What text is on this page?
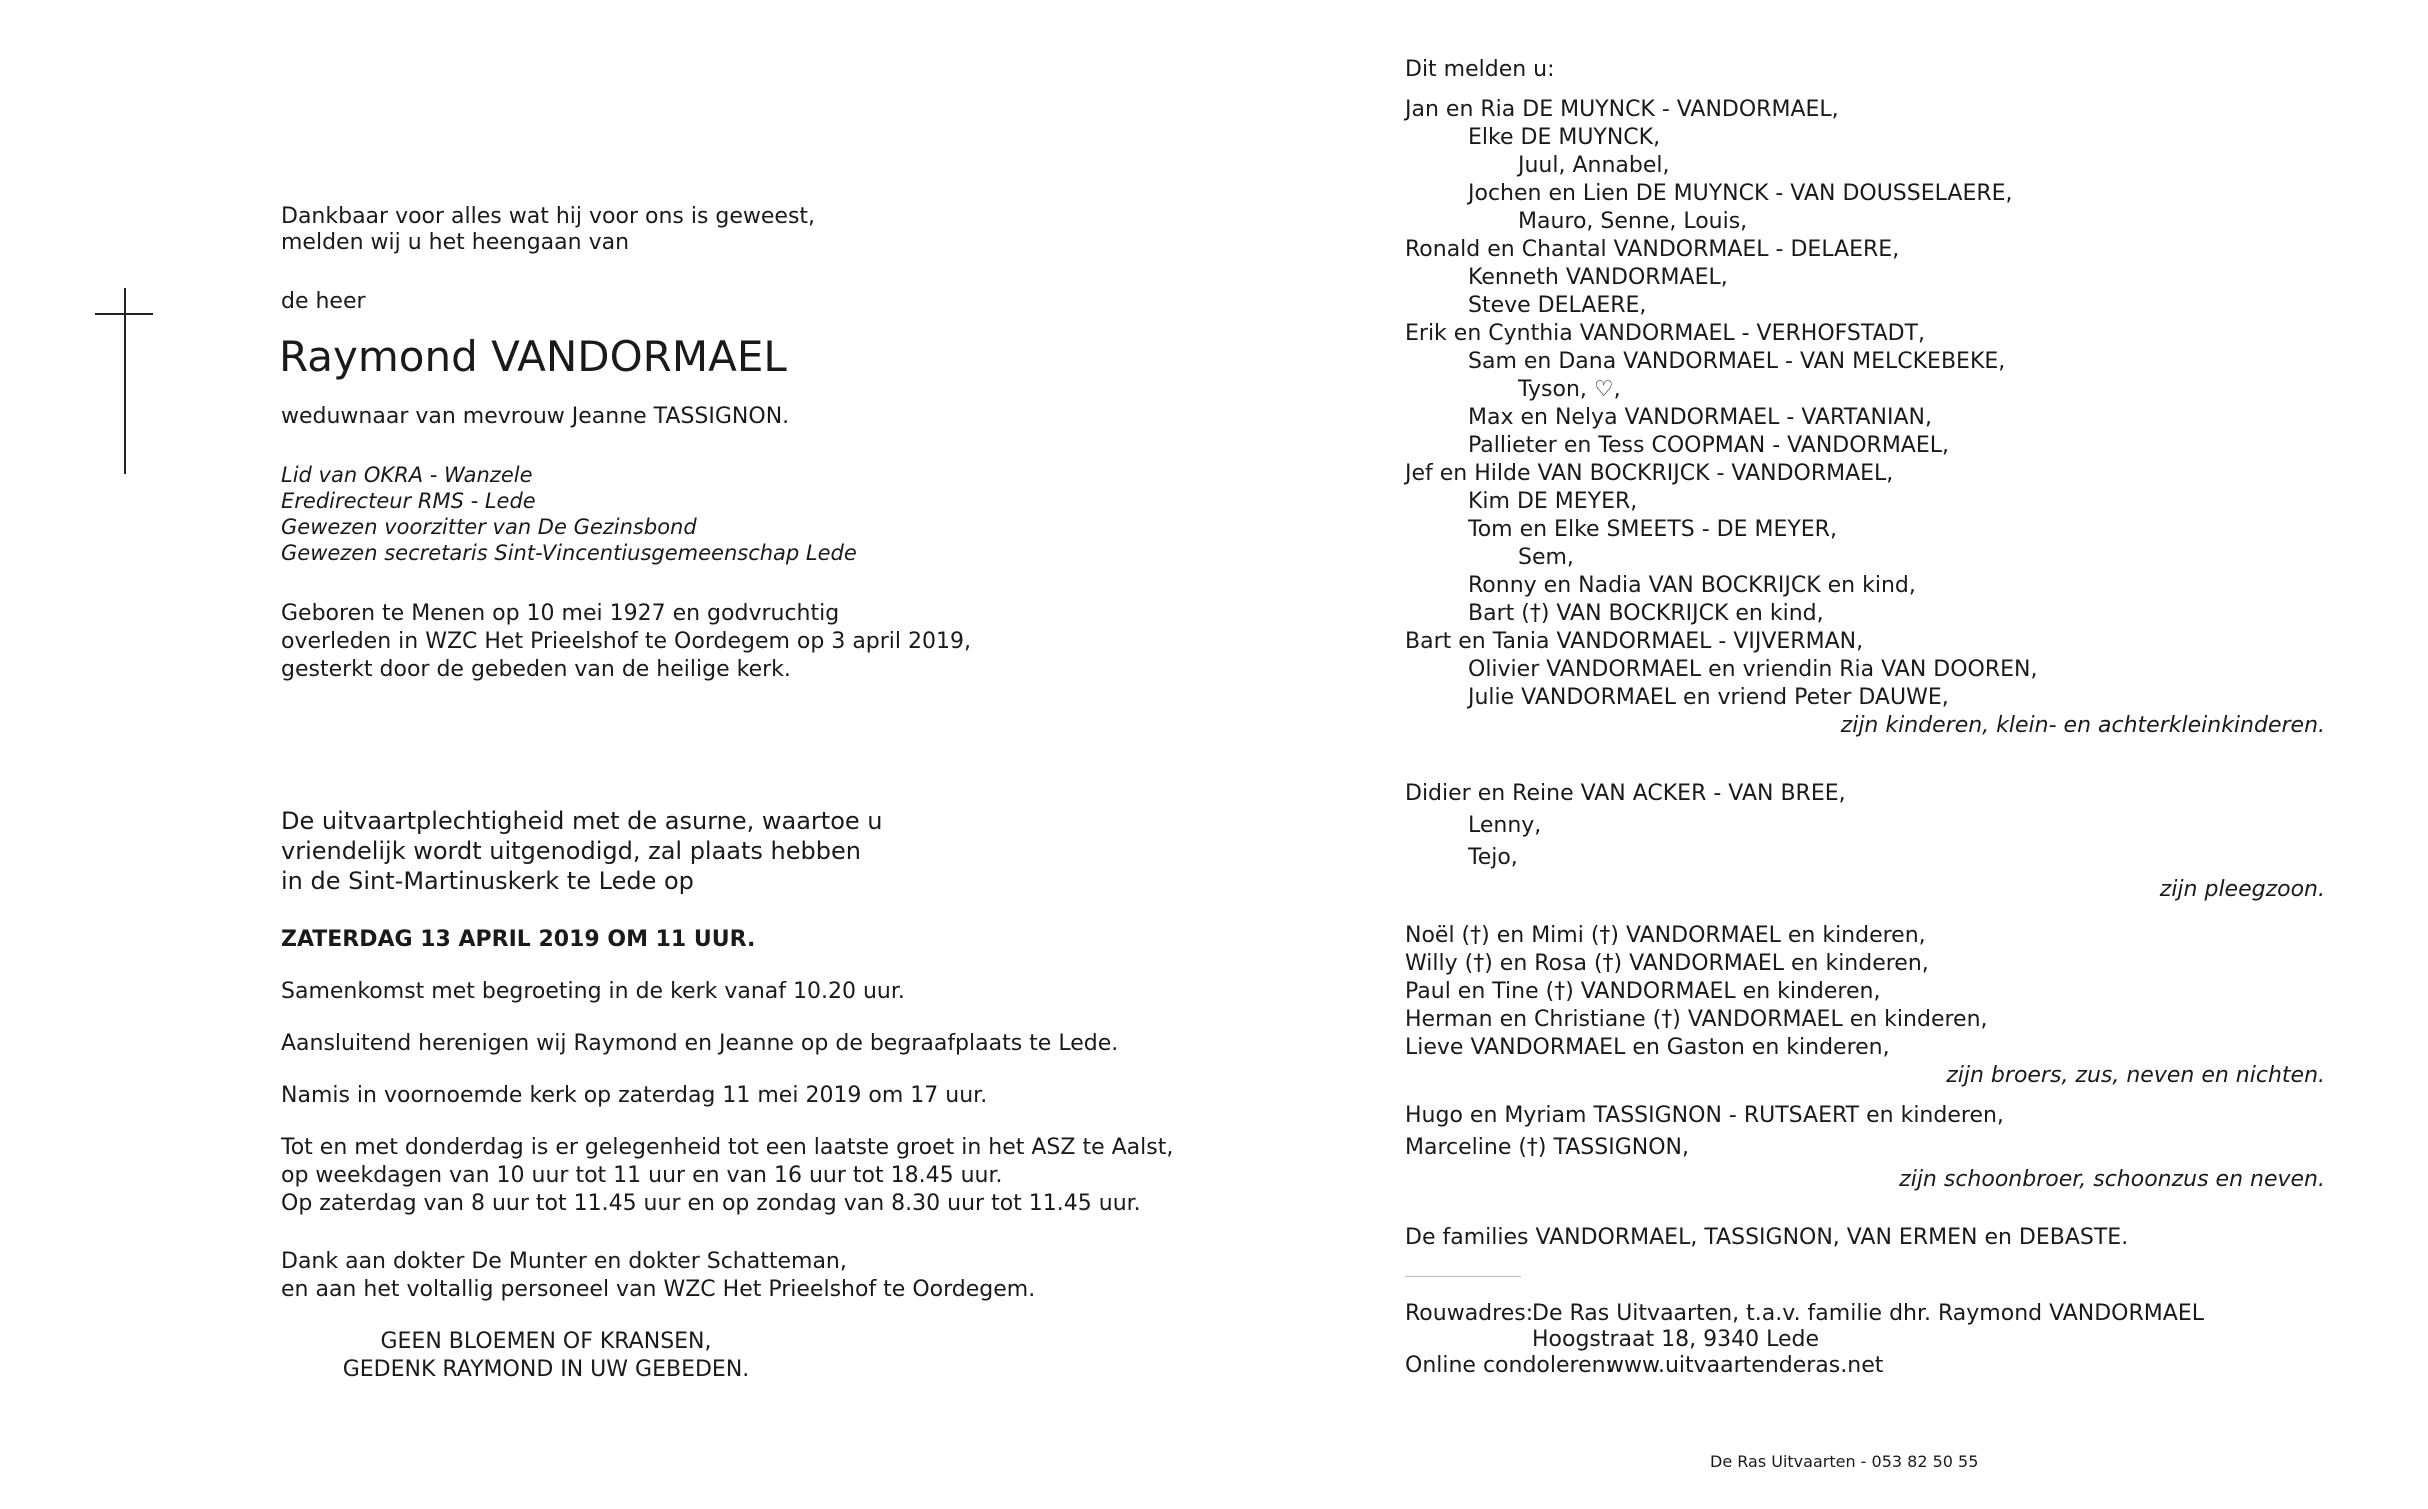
Dankbaar voor alles wat hij voor ons is geweest,
melden wij u het heengaan van
de heer
Raymond VANDORMAEL
weduwnaar van mevrouw Jeanne TASSIGNON.
Lid van OKRA - Wanzele
Eredirecteur RMS - Lede
Gewezen voorzitter van De Gezinsbond
Gewezen secretaris Sint-Vincentiusgemeenschap Lede
Geboren te Menen op 10 mei 1927 en godvruchtig
overleden in WZC Het Prieelshof te Oordegem op 3 april 2019,
gesterkt door de gebeden van de heilige kerk.
De uitvaartplechtigheid met de asurne, waartoe u
vriendelijk wordt uitgenodigd, zal plaats hebben
in de Sint-Martinuskerk te Lede op
ZATERDAG 13 APRIL 2019 OM 11 UUR.
Samenkomst met begroeting in de kerk vanaf 10.20 uur.
Aansluitend herenigen wij Raymond en Jeanne op de begraafplaats te Lede.
Namis in voornoemde kerk op zaterdag 11 mei 2019 om 17 uur.
Tot en met donderdag is er gelegenheid tot een laatste groet in het ASZ te Aalst,
op weekdagen van 10 uur tot 11 uur en van 16 uur tot 18.45 uur.
Op zaterdag van 8 uur tot 11.45 uur en op zondag van 8.30 uur tot 11.45 uur.
Dank aan dokter De Munter en dokter Schatteman,
en aan het voltallig personeel van WZC Het Prieelshof te Oordegem.
GEEN BLOEMEN OF KRANSEN,
GEDENK RAYMOND IN UW GEBEDEN.
Dit melden u:
Jan en Ria DE MUYNCK - VANDORMAEL,
Elke DE MUYNCK,
Juul, Annabel,
Jochen en Lien DE MUYNCK - VAN DOUSSELAERE,
Mauro, Senne, Louis,
Ronald en Chantal VANDORMAEL - DELAERE,
Kenneth VANDORMAEL,
Steve DELAERE,
Erik en Cynthia VANDORMAEL - VERHOFSTADT,
Sam en Dana VANDORMAEL - VAN MELCKEBEKE,
Tyson, ♡,
Max en Nelya VANDORMAEL - VARTANIAN,
Pallieter en Tess COOPMAN - VANDORMAEL,
Jef en Hilde VAN BOCKRIJCK - VANDORMAEL,
Kim DE MEYER,
Tom en Elke SMEETS - DE MEYER,
Sem,
Ronny en Nadia VAN BOCKRIJCK en kind,
Bart (†) VAN BOCKRIJCK en kind,
Bart en Tania VANDORMAEL - VIJVERMAN,
Olivier VANDORMAEL en vriendin Ria VAN DOOREN,
Julie VANDORMAEL en vriend Peter DAUWE,
zijn kinderen, klein- en achterkleinkinderen.
Didier en Reine VAN ACKER - VAN BREE,
Lenny,
Tejo,
zijn pleegzoon.
Noël (†) en Mimi (†) VANDORMAEL en kinderen,
Willy (†) en Rosa (†) VANDORMAEL en kinderen,
Paul en Tine (†) VANDORMAEL en kinderen,
Herman en Christiane (†) VANDORMAEL en kinderen,
Lieve VANDORMAEL en Gaston en kinderen,
zijn broers, zus, neven en nichten.
Hugo en Myriam TASSIGNON - RUTSAERT en kinderen,
Marceline (†) TASSIGNON,
zijn schoonbroer, schoonzus en neven.
De families VANDORMAEL, TASSIGNON, VAN ERMEN en DEBASTE.
Rouwadres:
De Ras Uitvaarten, t.a.v. familie dhr. Raymond VANDORMAEL
Hoogstraat 18, 9340 Lede
Online condoleren:
www.uitvaartenderas.net
De Ras Uitvaarten - 053 82 50 55
